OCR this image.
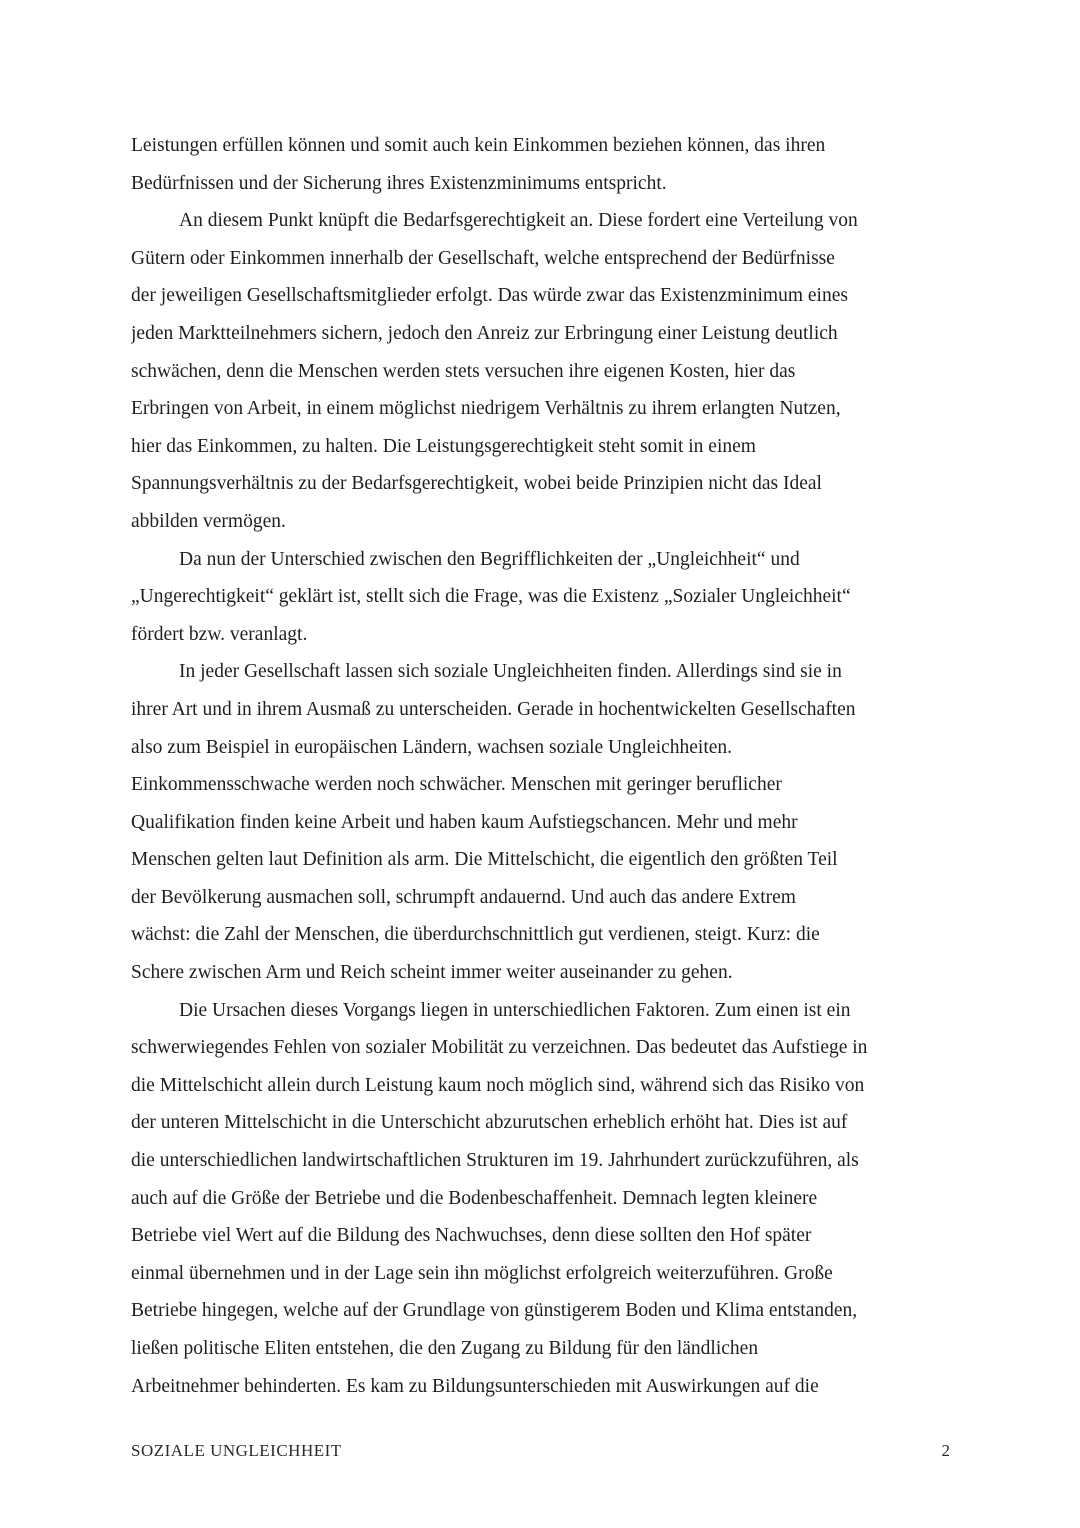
Leistungen erfüllen können und somit auch kein Einkommen beziehen können, das ihren
Bedürfnissen und der Sicherung ihres Existenzminimums entspricht.
An diesem Punkt knüpft die Bedarfsgerechtigkeit an. Diese fordert eine Verteilung von
Gütern oder Einkommen innerhalb der Gesellschaft, welche entsprechend der Bedürfnisse
der jeweiligen Gesellschaftsmitglieder erfolgt. Das würde zwar das Existenzminimum eines
jeden Marktteilnehmers sichern, jedoch den Anreiz zur Erbringung einer Leistung deutlich
schwächen, denn die Menschen werden stets versuchen ihre eigenen Kosten, hier das
Erbringen von Arbeit, in einem möglichst niedrigem Verhältnis zu ihrem erlangten Nutzen,
hier das Einkommen, zu halten. Die Leistungsgerechtigkeit steht somit in einem
Spannungsverhältnis zu der Bedarfsgerechtigkeit, wobei beide Prinzipien nicht das Ideal
abbilden vermögen.
Da nun der Unterschied zwischen den Begrifflichkeiten der „Ungleichheit“ und
„Ungerechtigkeit“ geklärt ist, stellt sich die Frage, was die Existenz „Sozialer Ungleichheit“
fördert bzw. veranlagt.
In jeder Gesellschaft lassen sich soziale Ungleichheiten finden. Allerdings sind sie in
ihrer Art und in ihrem Ausmaß zu unterscheiden. Gerade in hochentwickelten Gesellschaften
also zum Beispiel in europäischen Ländern, wachsen soziale Ungleichheiten.
Einkommensschwache werden noch schwächer. Menschen mit geringer beruflicher
Qualifikation finden keine Arbeit und haben kaum Aufstiegschancen. Mehr und mehr
Menschen gelten laut Definition als arm. Die Mittelschicht, die eigentlich den größten Teil
der Bevölkerung ausmachen soll, schrumpft andauernd. Und auch das andere Extrem
wächst: die Zahl der Menschen, die überdurchschnittlich gut verdienen, steigt. Kurz: die
Schere zwischen Arm und Reich scheint immer weiter auseinander zu gehen.
Die Ursachen dieses Vorgangs liegen in unterschiedlichen Faktoren. Zum einen ist ein
schwerwiegendes Fehlen von sozialer Mobilität zu verzeichnen. Das bedeutet das Aufstiege in
die Mittelschicht allein durch Leistung kaum noch möglich sind, während sich das Risiko von
der unteren Mittelschicht in die Unterschicht abzurutschen erheblich erhöht hat. Dies ist auf
die unterschiedlichen landwirtschaftlichen Strukturen im 19. Jahrhundert zurückzuführen, als
auch auf die Größe der Betriebe und die Bodenbeschaffenheit. Demnach legten kleinere
Betriebe viel Wert auf die Bildung des Nachwuchses, denn diese sollten den Hof später
einmal übernehmen und in der Lage sein ihn möglichst erfolgreich weiterzuführen. Große
Betriebe hingegen, welche auf der Grundlage von günstigerem Boden und Klima entstanden,
ließen politische Eliten entstehen, die den Zugang zu Bildung für den ländlichen
Arbeitnehmer behinderten. Es kam zu Bildungsunterschieden mit Auswirkungen auf die
SOZIALE UNGLEICHHEIT	2
